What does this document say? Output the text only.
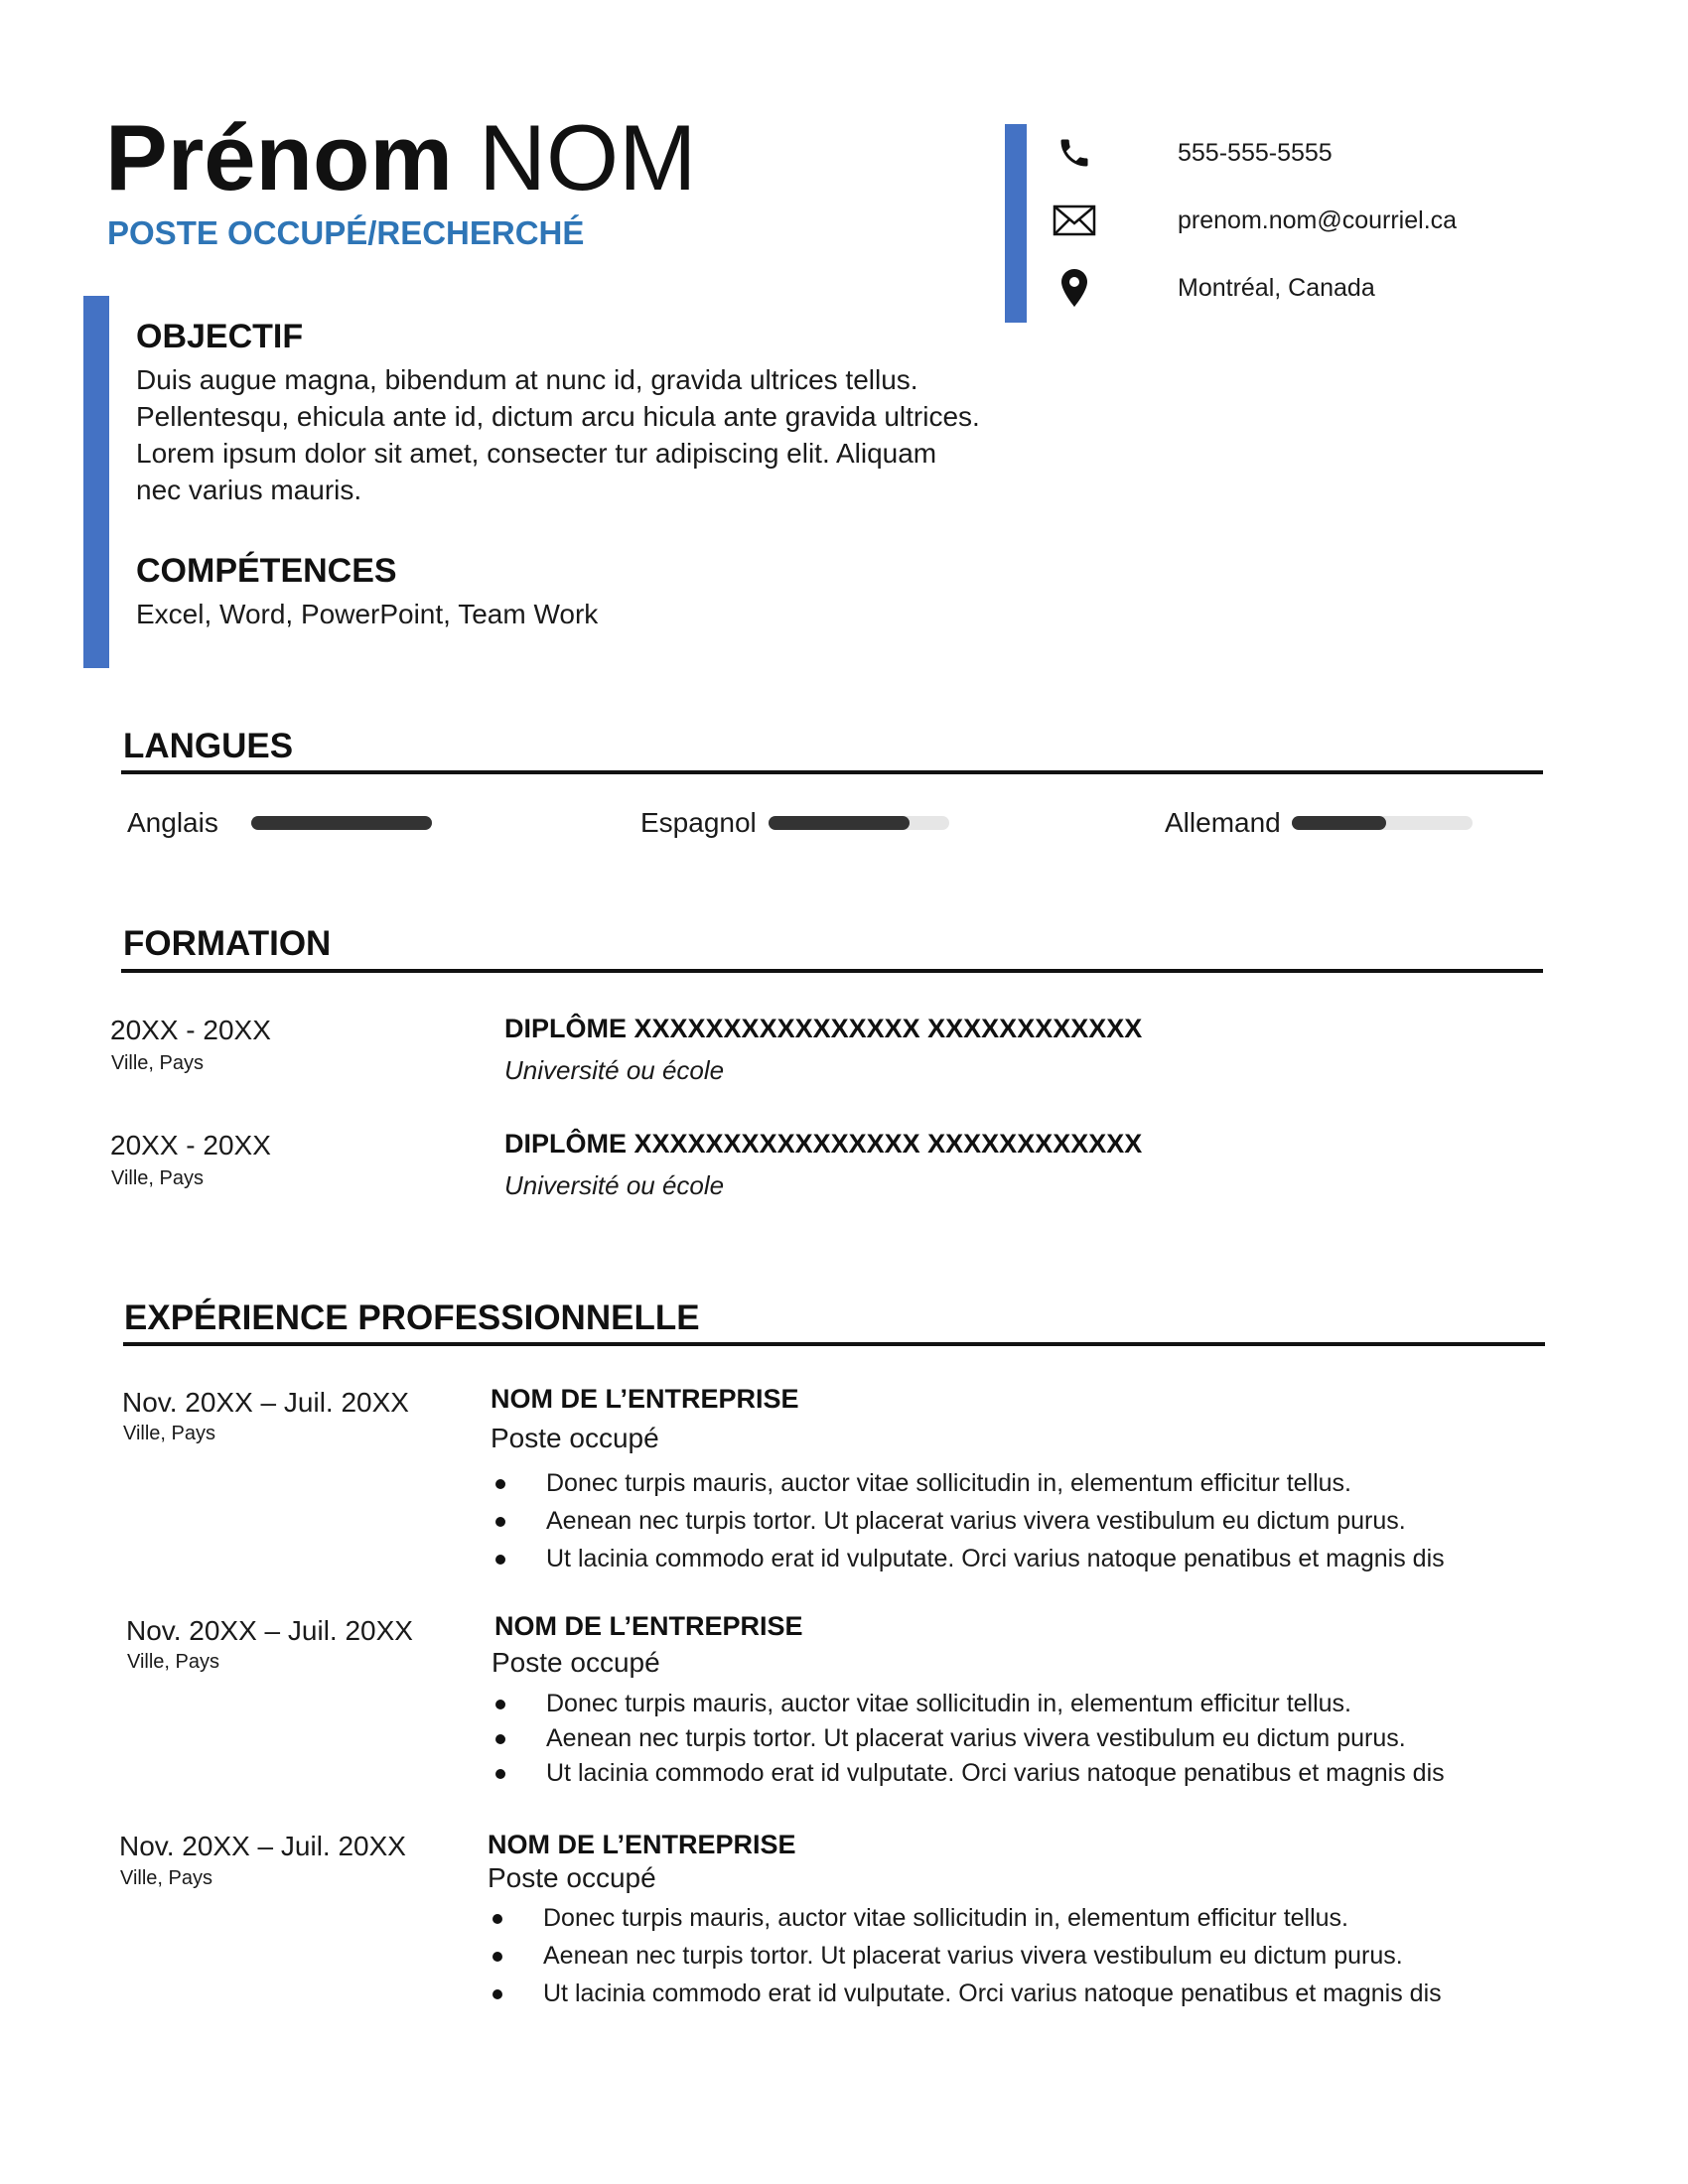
Prénom NOM
POSTE OCCUPÉ/RECHERCHÉ
555-555-5555
prenom.nom@courriel.ca
Montréal, Canada
OBJECTIF
Duis augue magna, bibendum at nunc id, gravida ultrices tellus.
Pellentesqu, ehicula ante id, dictum arcu hicula ante gravida ultrices.
Lorem ipsum dolor sit amet, consecter tur adipiscing elit. Aliquam
nec varius mauris.
COMPÉTENCES
Excel, Word, PowerPoint, Team Work
LANGUES
Anglais	Espagnol	Allemand
FORMATION
20XX - 20XX
Ville, Pays
DIPLÔME XXXXXXXXXXXXXXXX XXXXXXXXXXXX
Université ou école
20XX - 20XX
Ville, Pays
DIPLÔME XXXXXXXXXXXXXXXX XXXXXXXXXXXX
Université ou école
EXPÉRIENCE PROFESSIONNELLE
Nov. 20XX – Juil. 20XX
Ville, Pays
NOM DE L’ENTREPRISE
Poste occupé
Donec turpis mauris, auctor vitae sollicitudin in, elementum efficitur tellus.
Aenean nec turpis tortor. Ut placerat varius vivera vestibulum eu dictum purus.
Ut lacinia commodo erat id vulputate. Orci varius natoque penatibus et magnis dis
Nov. 20XX – Juil. 20XX
Ville, Pays
NOM DE L’ENTREPRISE
Poste occupé
Donec turpis mauris, auctor vitae sollicitudin in, elementum efficitur tellus.
Aenean nec turpis tortor. Ut placerat varius vivera vestibulum eu dictum purus.
Ut lacinia commodo erat id vulputate. Orci varius natoque penatibus et magnis dis
Nov. 20XX – Juil. 20XX
Ville, Pays
NOM DE L’ENTREPRISE
Poste occupé
Donec turpis mauris, auctor vitae sollicitudin in, elementum efficitur tellus.
Aenean nec turpis tortor. Ut placerat varius vivera vestibulum eu dictum purus.
Ut lacinia commodo erat id vulputate. Orci varius natoque penatibus et magnis dis
